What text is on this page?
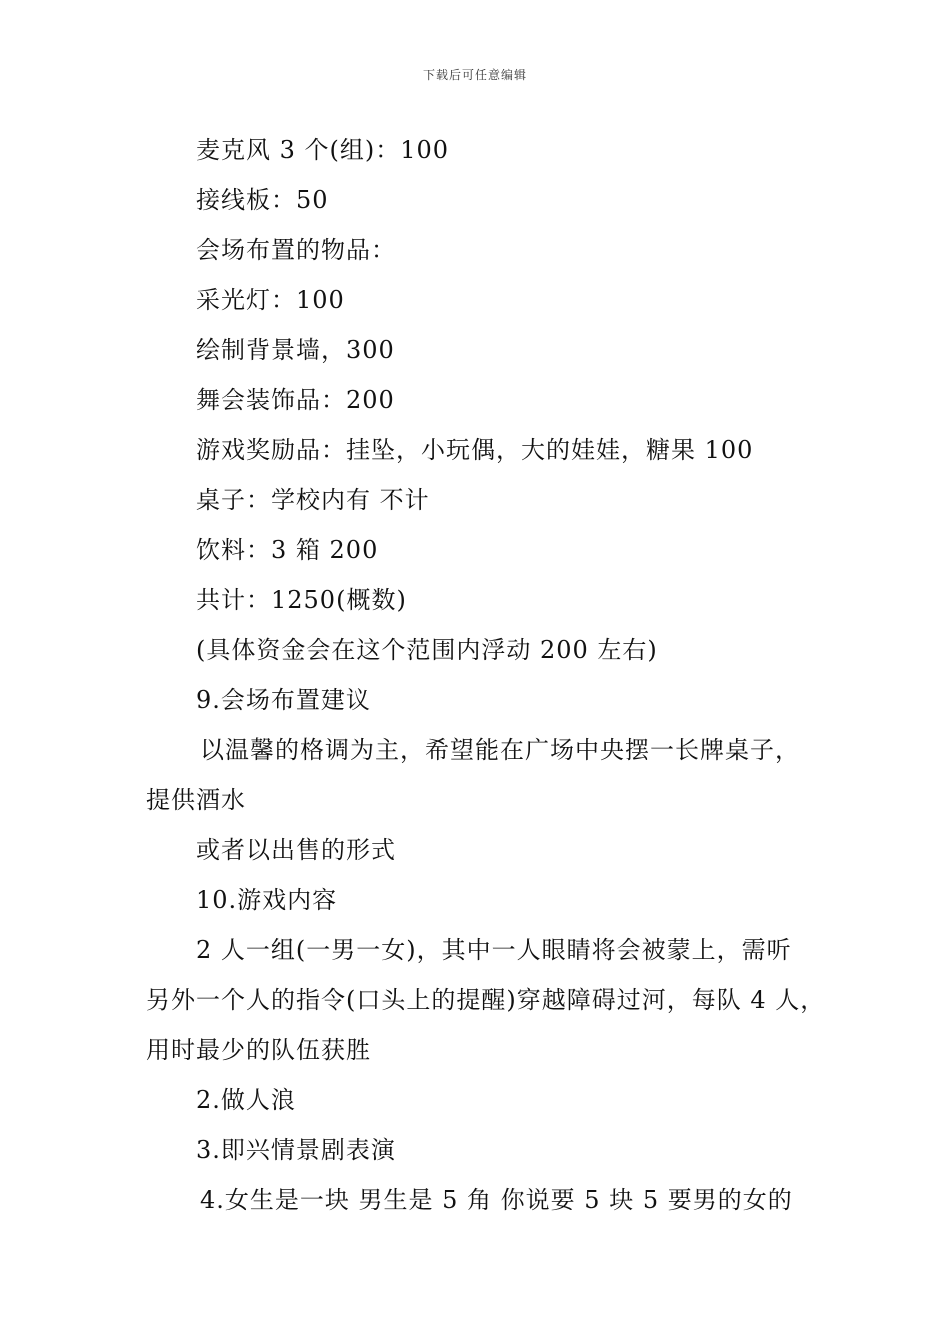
下载后可任意编辑
麦克风 3 个(组)：100
接线板：50
会场布置的物品：
采光灯：100
绘制背景墙，300
舞会装饰品：200
游戏奖励品：挂坠，小玩偶，大的娃娃，糖果 100
桌子：学校内有 不计
饮料：3 箱 200
共计：1250(概数)
(具体资金会在这个范围内浮动 200 左右)
9.会场布置建议
以温馨的格调为主，希望能在广场中央摆一长牌桌子，
提供酒水
或者以出售的形式
10.游戏内容
2 人一组(一男一女)，其中一人眼睛将会被蒙上，需听
另外一个人的指令(口头上的提醒)穿越障碍过河，每队 4 人，
用时最少的队伍获胜
2.做人浪
3.即兴情景剧表演
4.女生是一块 男生是 5 角 你说要 5 块 5 要男的女的
